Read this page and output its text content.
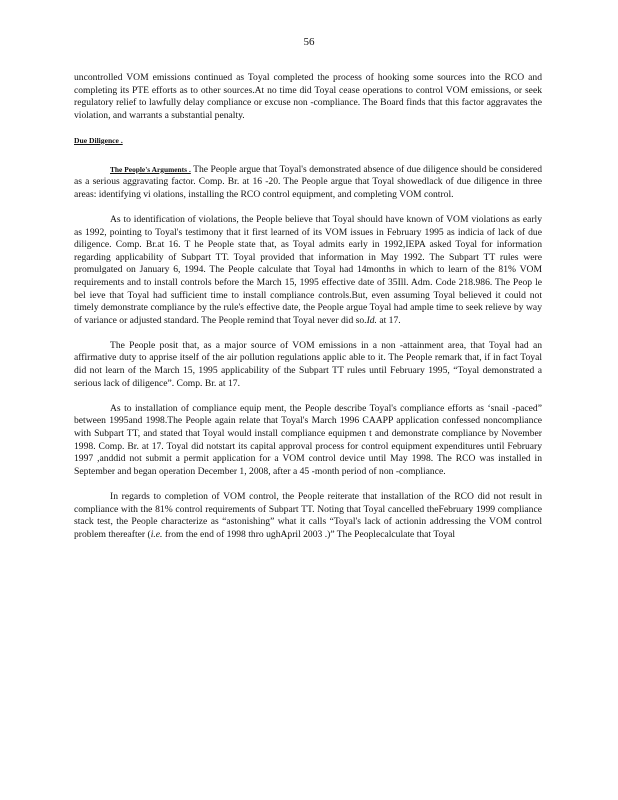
56

uncontrolled VOM emissions continued as Toyal completed the process of hooking some sources into the RCO and completing its PTE efforts as to other sources.At no time did Toyal cease operations to control VOM emissions, or seek regulatory relief to lawfully delay compliance or excuse non -compliance. The Board finds that this factor aggravates the violation, and warrants a substantial penalty.

Due Diligence .

The People's Arguments . The People argue that Toyal's demonstrated absence of due diligence should be considered as a serious aggravating factor. Comp. Br. at 16 -20. The People argue that Toyal showedlack of due diligence in three areas: identifying vi olations, installing the RCO control equipment, and completing VOM control.

As to identification of violations, the People believe that Toyal should have known of VOM violations as early as 1992, pointing to Toyal's testimony that it first learned of its VOM issues in February 1995 as indicia of lack of due diligence. Comp. Br.at 16. T he People state that, as Toyal admits early in 1992,IEPA asked Toyal for information regarding applicability of Subpart TT. Toyal provided that information in May 1992. The Subpart TT rules were promulgated on January 6, 1994. The People calculate that Toyal had 14months in which to learn of the 81% VOM requirements and to install controls before the March 15, 1995 effective date of 35Ill. Adm. Code 218.986. The Peop le bel ieve that Toyal had sufficient time to install compliance controls.But, even assuming Toyal believed it could not timely demonstrate compliance by the rule's effective date, the People argue Toyal had ample time to seek relieve by way of variance or adjusted standard. The People remind that Toyal never did so.Id. at 17.

The People posit that, as a major source of VOM emissions in a non -attainment area, that Toyal had an affirmative duty to apprise itself of the air pollution regulations applic able to it. The People remark that, if in fact Toyal did not learn of the March 15, 1995 applicability of the Subpart TT rules until February 1995, “Toyal demonstrated a serious lack of diligence”. Comp. Br. at 17.

As to installation of compliance equip ment, the People describe Toyal's compliance efforts as ‘snail -paced” between 1995and 1998.The People again relate that Toyal's March 1996 CAAPP application confessed noncompliance with Subpart TT, and stated that Toyal would install compliance equipmen t and demonstrate compliance by November 1998. Comp. Br. at 17. Toyal did notstart its capital approval process for control equipment expenditures until February 1997 ,anddid not submit a permit application for a VOM control device until May 1998. The RCO was installed in September and began operation December 1, 2008, after a 45 -month period of non -compliance.

In regards to completion of VOM control, the People reiterate that installation of the RCO did not result in compliance with the 81% control requirements of Subpart TT. Noting that Toyal cancelled theFebruary 1999 compliance stack test, the People characterize as “astonishing” what it calls “Toyal's lack of actionin addressing the VOM control problem thereafter (i.e. from the end of 1998 thro ughApril 2003 .)” The Peoplecalculate that Toyal
